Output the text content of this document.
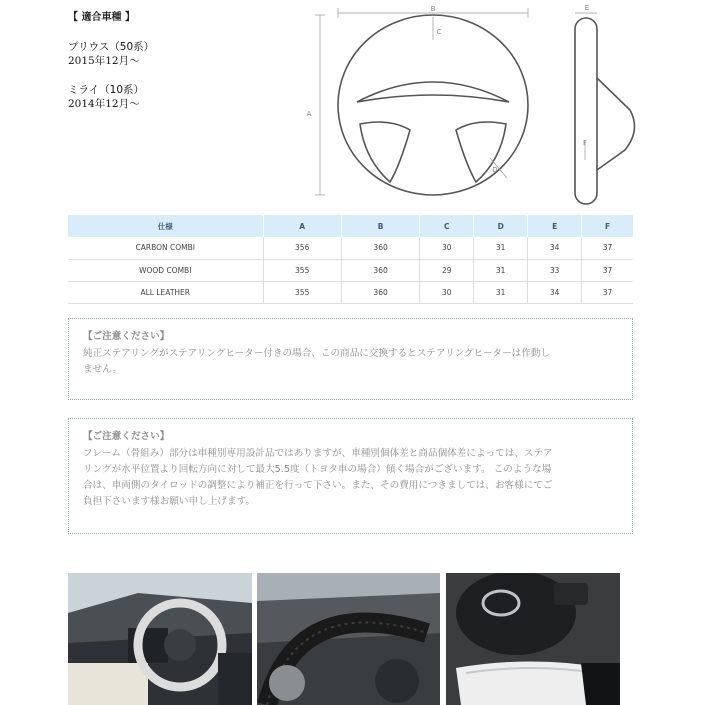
【 適合車種 】
プリウス（50系）
2015年12月～
ミライ（10系）
2014年12月～
B
A
C
D
E
F
仕様	A	B	C	D	E	F
CARBON COMBI	356	360	30	31	34	37
WOOD COMBI	355	360	29	31	33	37
ALL LEATHER	355	360	30	31	34	37
【ご注意ください】
純正ステアリングがステアリングヒーター付きの場合、この商品に交換するとステアリングヒーターは作動し
ません。
【ご注意ください】
フレーム（骨組み）部分は車種別専用設計品ではありますが、車種別個体差と商品個体差によっては、ステア
リングが水平位置より回転方向に対して最大5.5度（トヨタ車の場合）傾く場合がございます。 このような場
合は、車両側のタイロッドの調整により補正を行って下さい。また、その費用につきましては、お客様にてご
負担下さいます様お願い申し上げます。
